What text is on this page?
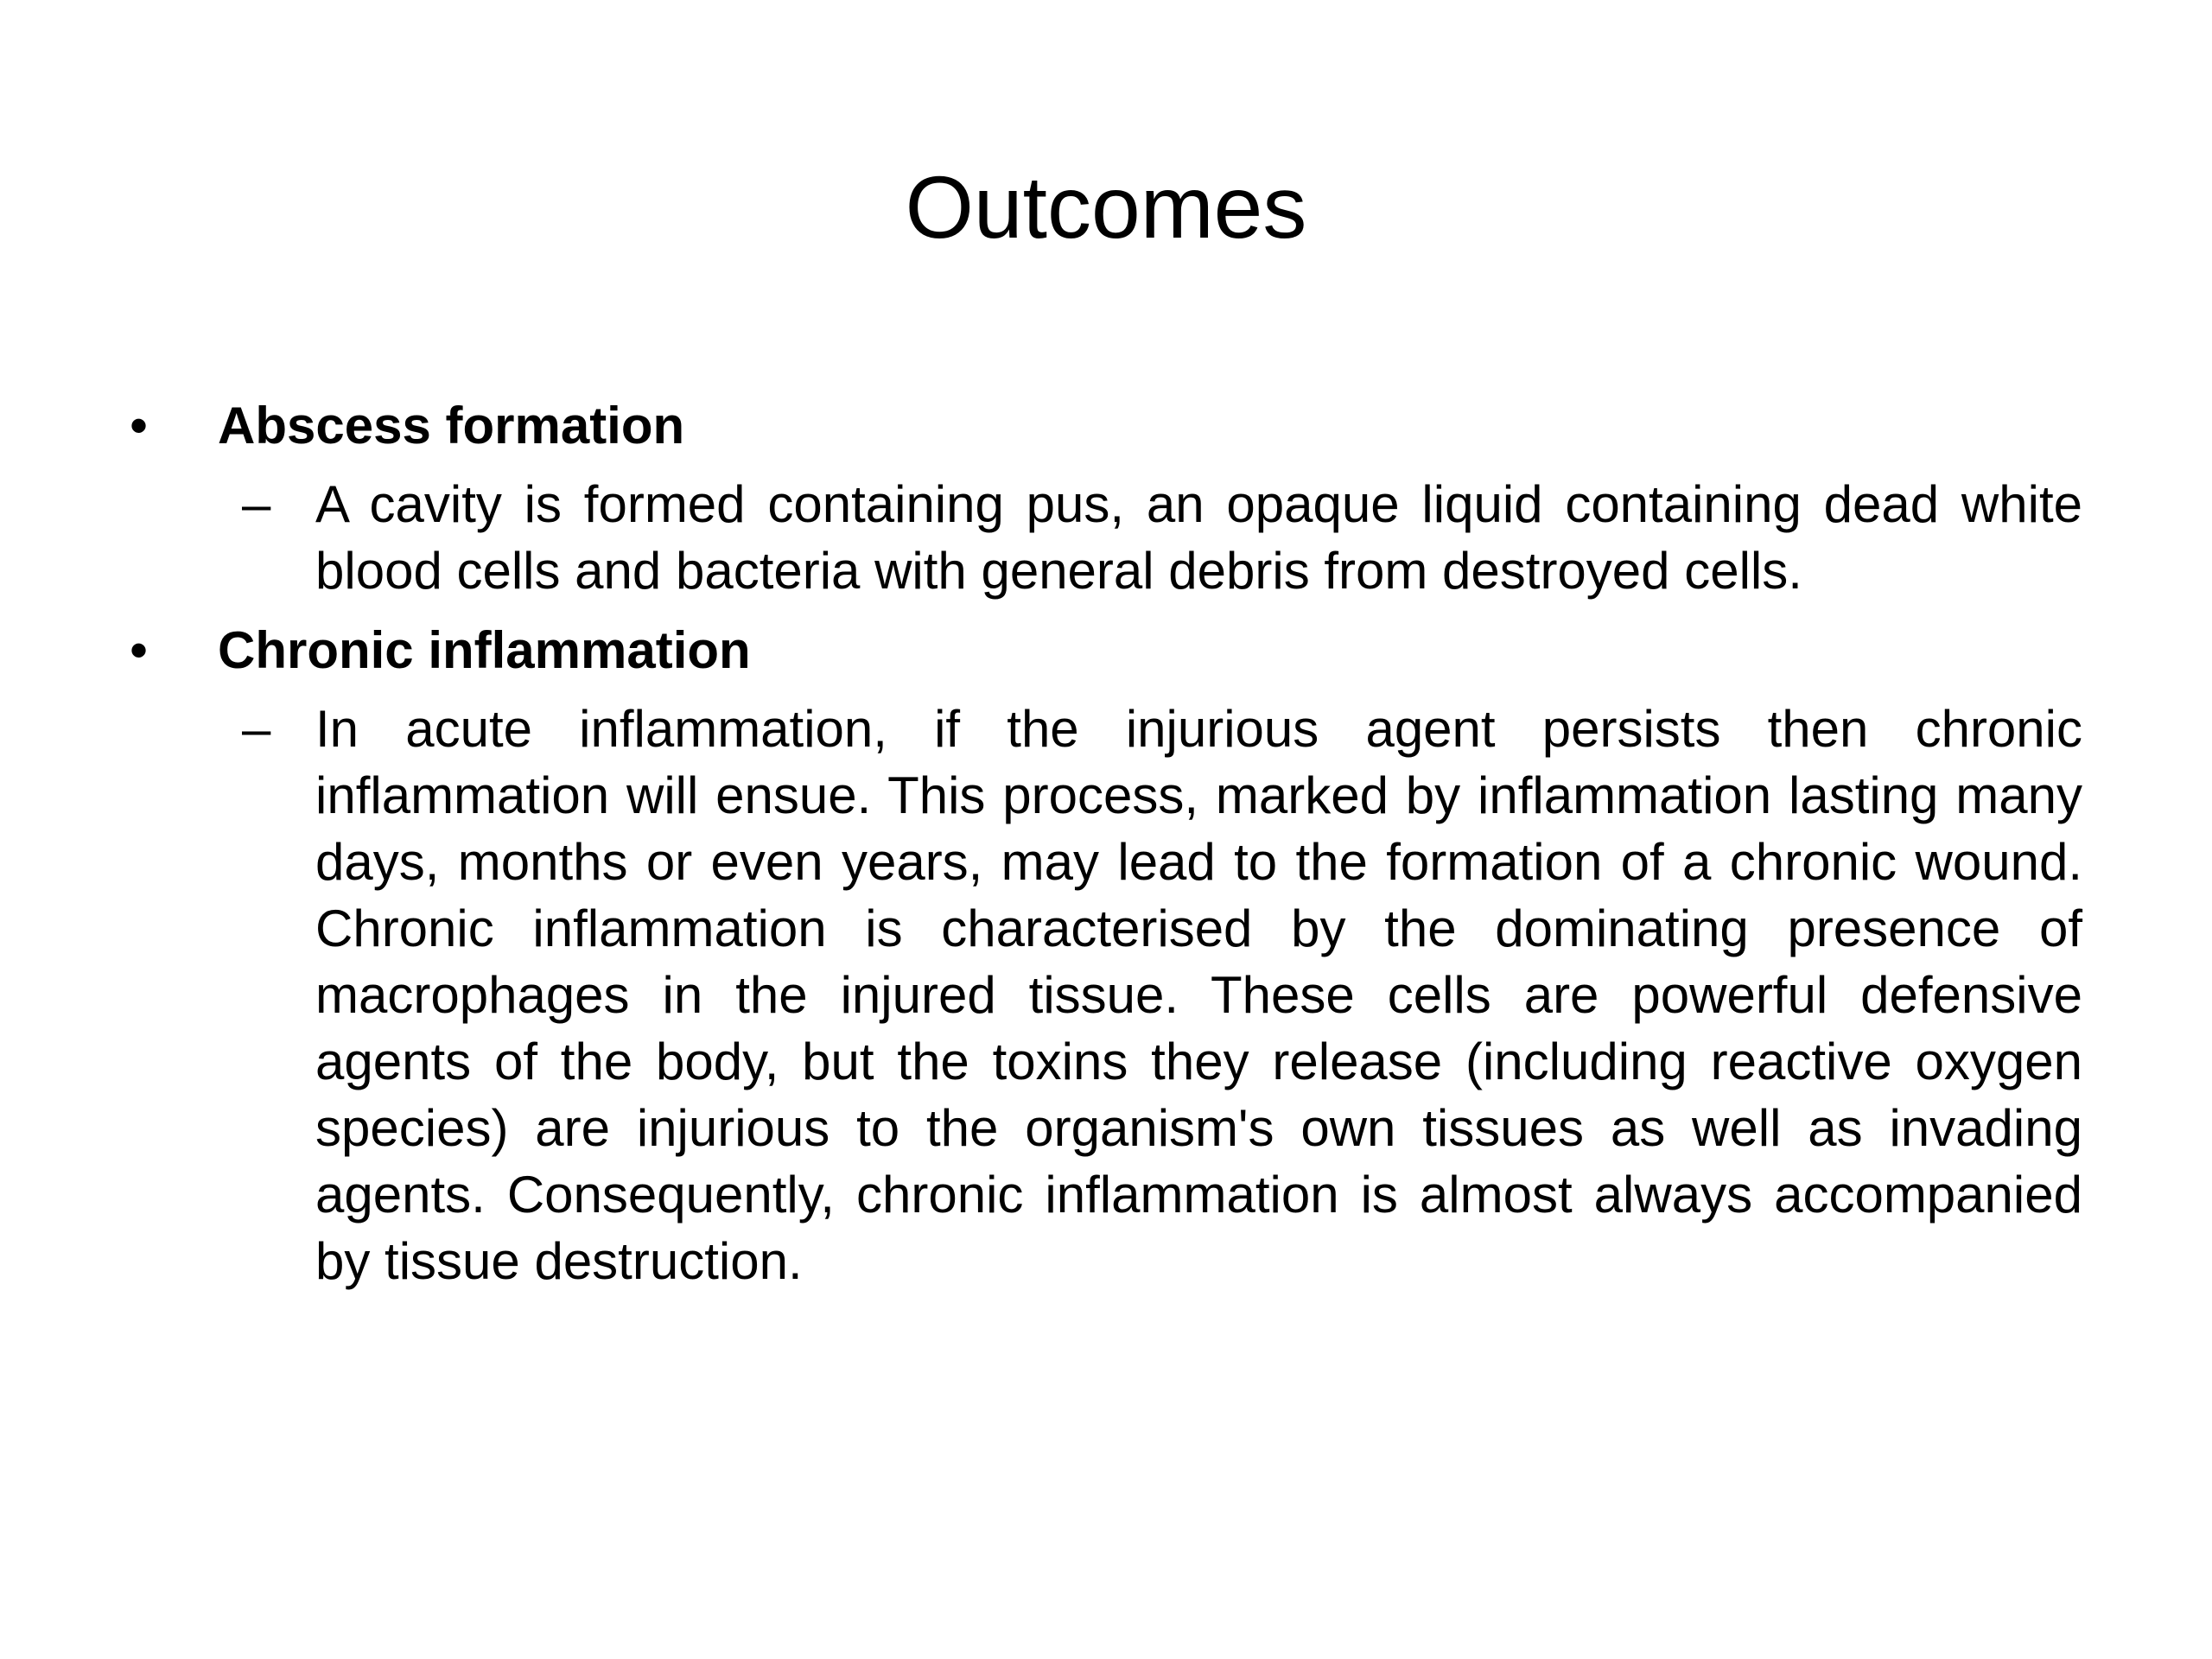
Outcomes

•	Abscess formation

– A cavity is formed containing pus, an opaque liquid containing dead white blood cells and bacteria with general debris from destroyed cells.

•	Chronic inflammation

– In acute inflammation, if the injurious agent persists then chronic inflammation will ensue. This process, marked by inflammation lasting many days, months or even years, may lead to the formation of a chronic wound. Chronic inflammation is characterised by the dominating presence of macrophages in the injured tissue. These cells are powerful defensive agents of the body, but the toxins they release (including reactive oxygen species) are injurious to the organism's own tissues as well as invading agents. Consequently, chronic inflammation is almost always accompanied by tissue destruction.
